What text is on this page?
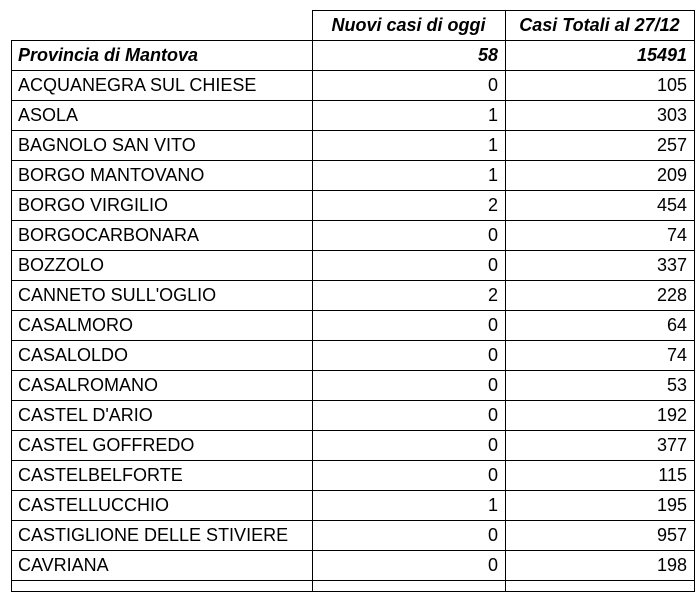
	Nuovi casi di oggi	Casi Totali al 27/12
Provincia di Mantova	58	15491
ACQUANEGRA SUL CHIESE	0	105
ASOLA	1	303
BAGNOLO SAN VITO	1	257
BORGO MANTOVANO	1	209
BORGO VIRGILIO	2	454
BORGOCARBONARA	0	74
BOZZOLO	0	337
CANNETO SULL'OGLIO	2	228
CASALMORO	0	64
CASALOLDO	0	74
CASALROMANO	0	53
CASTEL D'ARIO	0	192
CASTEL GOFFREDO	0	377
CASTELBELFORTE	0	115
CASTELLUCCHIO	1	195
CASTIGLIONE DELLE STIVIERE	0	957
CAVRIANA	0	198
